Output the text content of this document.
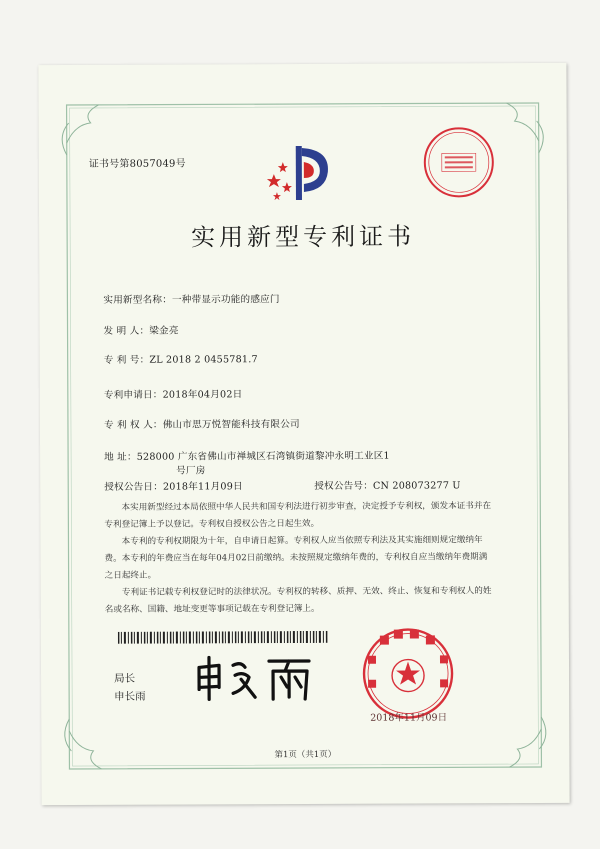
证书号第8057049号
实用新型专利证书
实用新型名称：一种带显示功能的感应门
发 明 人：梁金亮
专 利 号：ZL 2018 2 0455781.7
专利申请日：2018年04月02日
专 利 权 人：佛山市思万悦智能科技有限公司
地 址：528000 广东省佛山市禅城区石湾镇街道黎冲永明工业区1
号厂房
授权公告日：2018年11月09日	授权公告号：CN 208073277 U
本实用新型经过本局依照中华人民共和国专利法进行初步审查，决定授予专利权，颁发本证书并在专利登记簿上予以登记。专利权自授权公告之日起生效。
本专利的专利权期限为十年，自申请日起算。专利权人应当依照专利法及其实施细则规定缴纳年费。本专利的年费应当在每年04月02日前缴纳。未按照规定缴纳年费的，专利权自应当缴纳年费期满之日起终止。
专利证书记载专利权登记时的法律状况。专利权的转移、质押、无效、终止、恢复和专利权人的姓名或名称、国籍、地址变更等事项记载在专利登记簿上。
局长
申长雨
2018年11月09日
第1页（共1页）
